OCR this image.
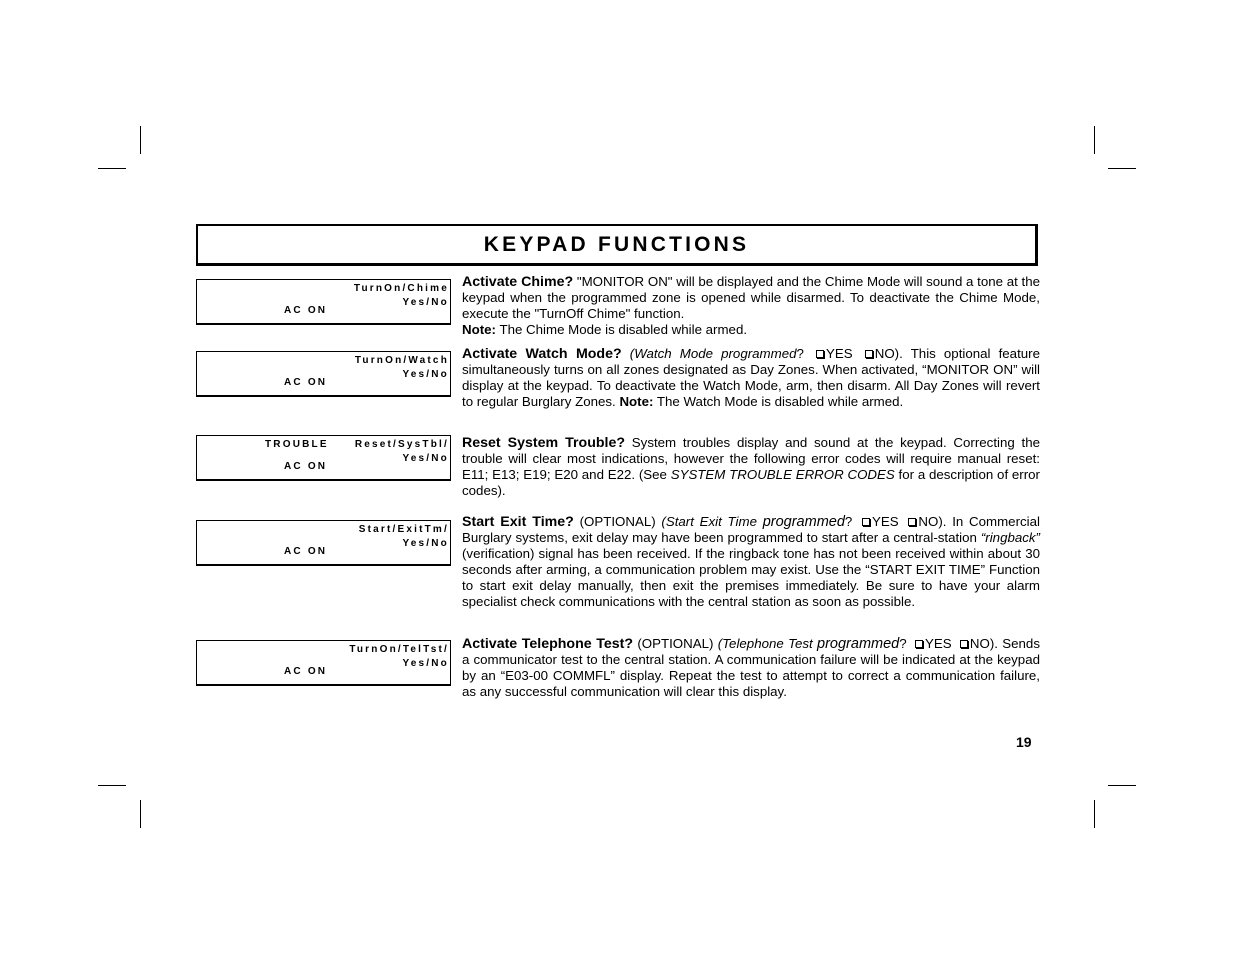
KEYPAD FUNCTIONS
TurnOn/Chime
Yes/No
AC ON
TurnOn/Watch
Yes/No
AC ON
TROUBLE	Reset/SysTbl/
Yes/No
AC ON
Start/ExitTm/
Yes/No
AC ON
TurnOn/TelTst/
Yes/No
AC ON

Activate Chime? "MONITOR ON" will be displayed and the Chime Mode will sound a tone at the keypad when the programmed zone is opened while disarmed. To deactivate the Chime Mode, execute the "TurnOff Chime" function.
Note: The Chime Mode is disabled while armed.

Activate Watch Mode? (Watch Mode programmed? YES NO). This optional feature simultaneously turns on all zones designated as Day Zones. When activated, “MONITOR ON” will display at the keypad. To deactivate the Watch Mode, arm, then disarm. All Day Zones will revert to regular Burglary Zones. Note: The Watch Mode is disabled while armed.

Reset System Trouble? System troubles display and sound at the keypad. Correcting the trouble will clear most indications, however the following error codes will require manual reset: E11; E13; E19; E20 and E22. (See SYSTEM TROUBLE ERROR CODES for a description of error codes).

Start Exit Time? (OPTIONAL) (Start Exit Time programmed? YES NO). In Commercial Burglary systems, exit delay may have been programmed to start after a central-station “ringback” (verification) signal has been received. If the ringback tone has not been received within about 30 seconds after arming, a communication problem may exist. Use the “START EXIT TIME” Function to start exit delay manually, then exit the premises immediately. Be sure to have your alarm specialist check communications with the central station as soon as possible.

Activate Telephone Test? (OPTIONAL) (Telephone Test programmed? YES NO). Sends a communicator test to the central station. A communication failure will be indicated at the keypad by an “E03-00 COMMFL” display. Repeat the test to attempt to correct a communication failure, as any successful communication will clear this display.

19
